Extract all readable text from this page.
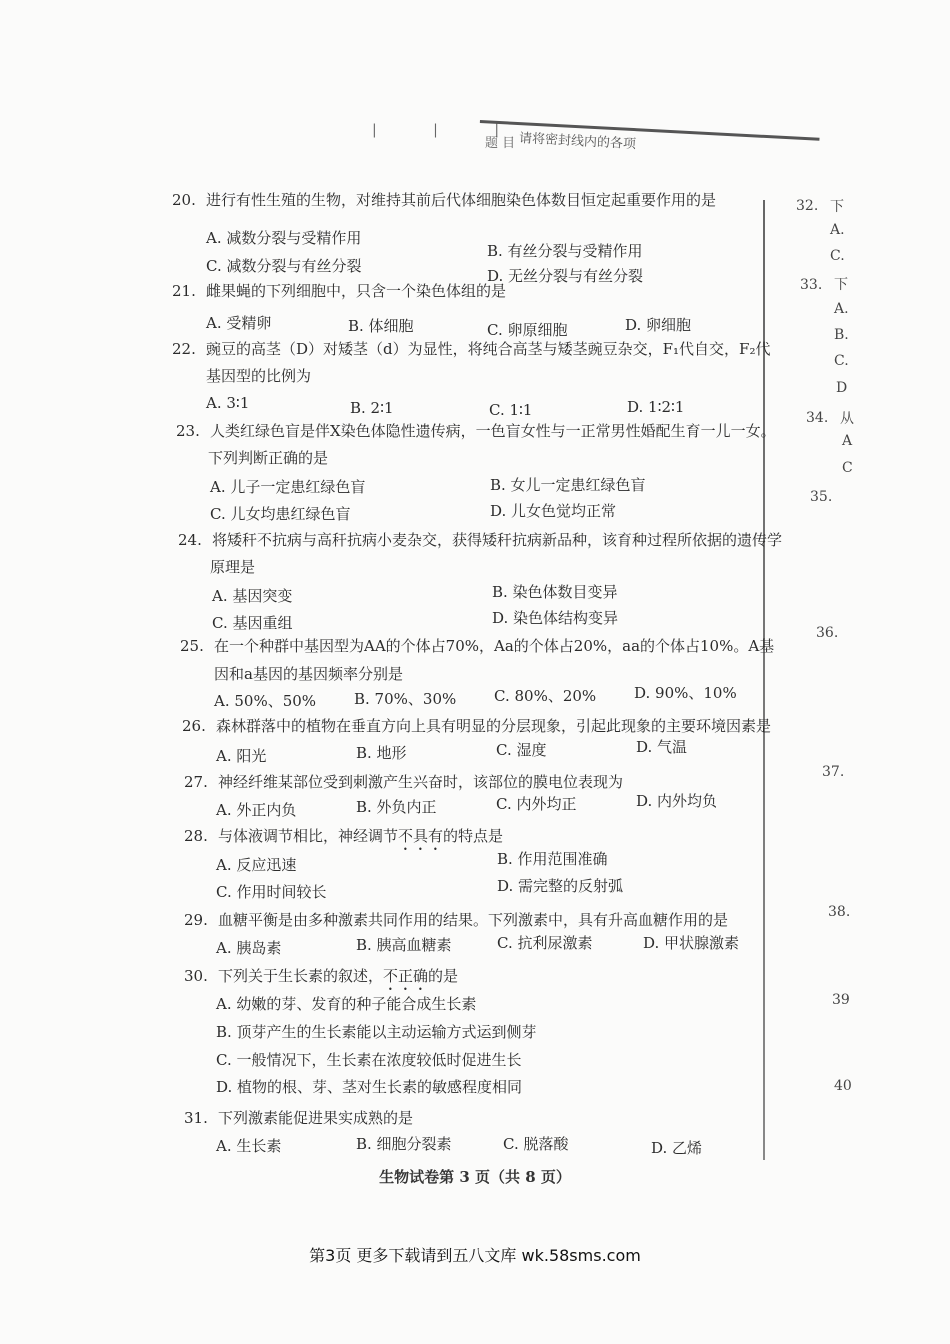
| | |
请将密封线内的各项
题 目
20. 进行有性生殖的生物，对维持其前后代体细胞染色体数目恒定起重要作用的是
A. 减数分裂与受精作用
B. 有丝分裂与受精作用
C. 减数分裂与有丝分裂
D. 无丝分裂与有丝分裂
21. 雌果蝇的下列细胞中，只含一个染色体组的是
A. 受精卵	B. 体细胞	C. 卵原细胞	D. 卵细胞
22. 豌豆的高茎（D）对矮茎（d）为显性，将纯合高茎与矮茎豌豆杂交，F₁代自交，F₂代
基因型的比例为
A. 3∶1	B. 2∶1	C. 1∶1	D. 1∶2∶1
23. 人类红绿色盲是伴X染色体隐性遗传病，一色盲女性与一正常男性婚配生育一儿一女。
下列判断正确的是
A. 儿子一定患红绿色盲	B. 女儿一定患红绿色盲
C. 儿女均患红绿色盲	D. 儿女色觉均正常
24. 将矮秆不抗病与高秆抗病小麦杂交，获得矮秆抗病新品种，该育种过程所依据的遗传学
原理是
A. 基因突变	B. 染色体数目变异
C. 基因重组	D. 染色体结构变异
25. 在一个种群中基因型为AA的个体占70%，Aa的个体占20%，aa的个体占10%。A基
因和a基因的基因频率分别是
A. 50%、50%	B. 70%、30%	C. 80%、20%	D. 90%、10%
26. 森林群落中的植物在垂直方向上具有明显的分层现象，引起此现象的主要环境因素是
A. 阳光	B. 地形	C. 湿度	D. 气温
27. 神经纤维某部位受到刺激产生兴奋时，该部位的膜电位表现为
A. 外正内负	B. 外负内正	C. 内外均正	D. 内外均负
28. 与体液调节相比，神经调节不具有的特点是
A. 反应迅速	B. 作用范围准确
C. 作用时间较长	D. 需完整的反射弧
29. 血糖平衡是由多种激素共同作用的结果。下列激素中，具有升高血糖作用的是
A. 胰岛素	B. 胰高血糖素	C. 抗利尿激素	D. 甲状腺激素
30. 下列关于生长素的叙述，不正确的是
A. 幼嫩的芽、发育的种子能合成生长素
B. 顶芽产生的生长素能以主动运输方式运到侧芽
C. 一般情况下，生长素在浓度较低时促进生长
D. 植物的根、芽、茎对生长素的敏感程度相同
31. 下列激素能促进果实成熟的是
A. 生长素	B. 细胞分裂素	C. 脱落酸	D. 乙烯
32. 下
A.
C.
33. 下
A.
B.
C.
D
34. 从
A
C
35.
36.
37.
38.
39
40
生物试卷第 3 页（共 8 页）
第3页 更多下载请到五八文库 wk.58sms.com
